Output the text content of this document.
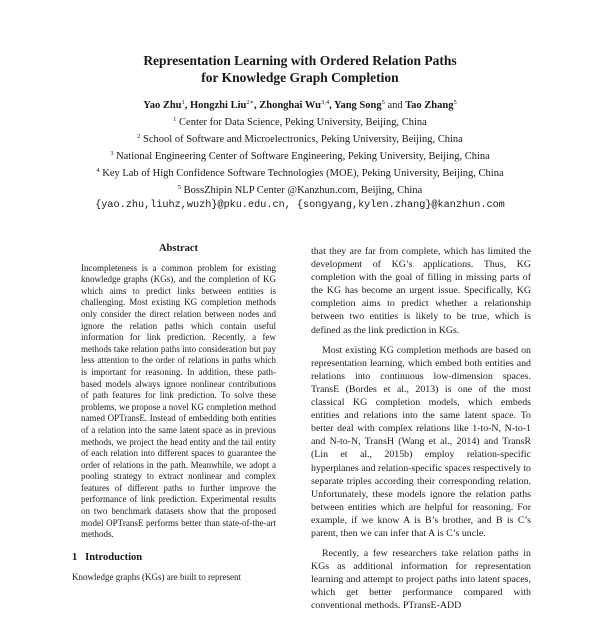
Representation Learning with Ordered Relation Paths
for Knowledge Graph Completion
Yao Zhu$^1$, Hongzhi Liu$^{2∗}$, Zhonghai Wu$^{3,4}$, Yang Song$^5$ and Tao Zhang$^5$
$^1$ Center for Data Science, Peking University, Beijing, China
$^2$ School of Software and Microelectronics, Peking University, Beijing, China
$^3$ National Engineering Center of Software Engineering, Peking University, Beijing, China
$^4$ Key Lab of High Confidence Software Technologies (MOE), Peking University, Beijing, China
$^5$ BossZhipin NLP Center @Kanzhun.com, Beijing, China
{yao.zhu,liuhz,wuzh}@pku.edu.cn, {songyang,kylen.zhang}@kanzhun.com
Abstract
Incompleteness is a common problem for existing knowledge graphs (KGs), and the completion of KG which aims to predict links between entities is challenging. Most existing KG completion methods only consider the direct relation between nodes and ignore the relation paths which contain useful information for link prediction. Recently, a few methods take relation paths into consideration but pay less attention to the order of relations in paths which is important for reasoning. In addition, these path-based models always ignore nonlinear contributions of path features for link prediction. To solve these problems, we propose a novel KG completion method named OPTransE. Instead of embedding both entities of a relation into the same latent space as in previous methods, we project the head entity and the tail entity of each relation into different spaces to guarantee the order of relations in the path. Meanwhile, we adopt a pooling strategy to extract nonlinear and complex features of different paths to further improve the performance of link prediction. Experimental results on two benchmark datasets show that the proposed model OPTransE performs better than state-of-the-art methods.
1 Introduction
Knowledge graphs (KGs) are built to represent

that they are far from complete, which has limited the development of KG’s applications. Thus, KG completion with the goal of filling in missing parts of the KG has become an urgent issue. Specifically, KG completion aims to predict whether a relationship between two entities is likely to be true, which is defined as the link prediction in KGs.

Most existing KG completion methods are based on representation learning, which embed both entities and relations into continuous low-dimension spaces. TransE (Bordes et al., 2013) is one of the most classical KG completion models, which embeds entities and relations into the same latent space. To better deal with complex relations like 1-to-N, N-to-1 and N-to-N, TransH (Wang et al., 2014) and TransR (Lin et al., 2015b) employ relation-specific hyperplanes and relation-specific spaces respectively to separate triples according their corresponding relation. Unfortunately, these models ignore the relation paths between entities which are helpful for reasoning. For example, if we know A is B’s brother, and B is C’s parent, then we can infer that A is C’s uncle.

Recently, a few researchers take relation paths in KGs as additional information for representation learning and attempt to project paths into latent spaces, which get better performance compared with conventional methods. PTransE-ADD
